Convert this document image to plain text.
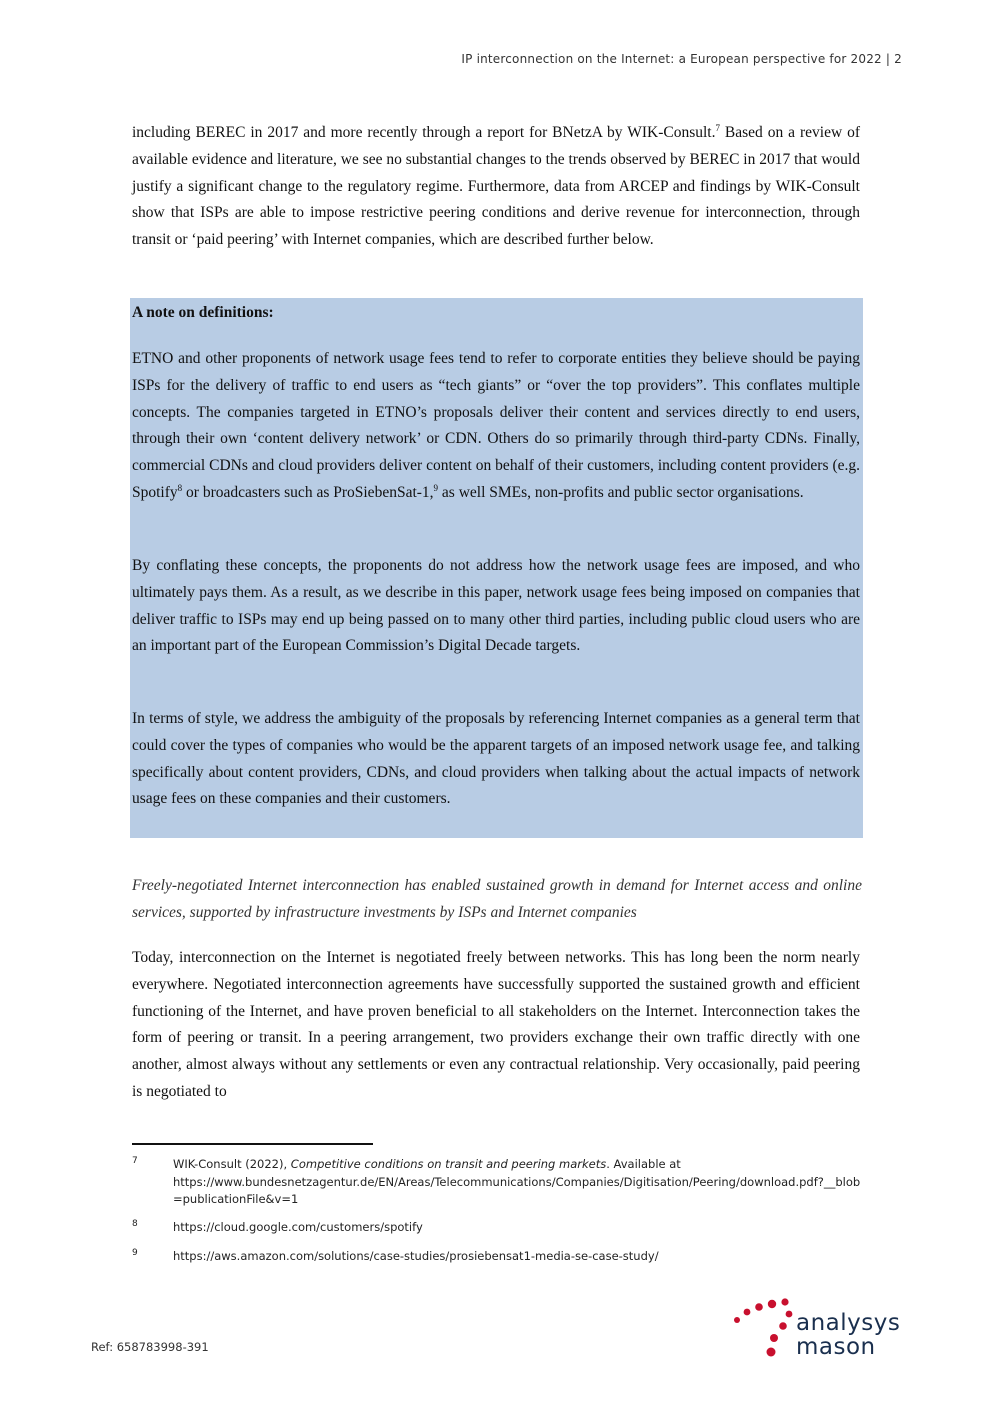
IP interconnection on the Internet: a European perspective for 2022 | 2

including BEREC in 2017 and more recently through a report for BNetzA by WIK-Consult.$^7$ Based on a review of available evidence and literature, we see no substantial changes to the trends observed by BEREC in 2017 that would justify a significant change to the regulatory regime. Furthermore, data from ARCEP and findings by WIK-Consult show that ISPs are able to impose restrictive peering conditions and derive revenue for interconnection, through transit or ‘paid peering’ with Internet companies, which are described further below.

A note on definitions:

ETNO and other proponents of network usage fees tend to refer to corporate entities they believe should be paying ISPs for the delivery of traffic to end users as “tech giants” or “over the top providers”. This conflates multiple concepts. The companies targeted in ETNO’s proposals deliver their content and services directly to end users, through their own ‘content delivery network’ or CDN. Others do so primarily through third-party CDNs. Finally, commercial CDNs and cloud providers deliver content on behalf of their customers, including content providers (e.g. Spotify$^8$ or broadcasters such as ProSiebenSat-1,$^9$ as well SMEs, non-profits and public sector organisations.

By conflating these concepts, the proponents do not address how the network usage fees are imposed, and who ultimately pays them. As a result, as we describe in this paper, network usage fees being imposed on companies that deliver traffic to ISPs may end up being passed on to many other third parties, including public cloud users who are an important part of the European Commission’s Digital Decade targets.

In terms of style, we address the ambiguity of the proposals by referencing Internet companies as a general term that could cover the types of companies who would be the apparent targets of an imposed network usage fee, and talking specifically about content providers, CDNs, and cloud providers when talking about the actual impacts of network usage fees on these companies and their customers.

Freely-negotiated Internet interconnection has enabled sustained growth in demand for Internet access and online services, supported by infrastructure investments by ISPs and Internet companies

Today, interconnection on the Internet is negotiated freely between networks. This has long been the norm nearly everywhere. Negotiated interconnection agreements have successfully supported the sustained growth and efficient functioning of the Internet, and have proven beneficial to all stakeholders on the Internet. Interconnection takes the form of peering or transit. In a peering arrangement, two providers exchange their own traffic directly with one another, almost always without any settlements or even any contractual relationship. Very occasionally, paid peering is negotiated to

7	WIK-Consult (2022), Competitive conditions on transit and peering markets. Available at
https://www.bundesnetzagentur.de/EN/Areas/Telecommunications/Companies/Digitisation/Peering/download.pdf?__blob=publicationFile&v=1
8	https://cloud.google.com/customers/spotify
9	https://aws.amazon.com/solutions/case-studies/prosiebensat1-media-se-case-study/
Ref: 658783998-391
analysys
mason
